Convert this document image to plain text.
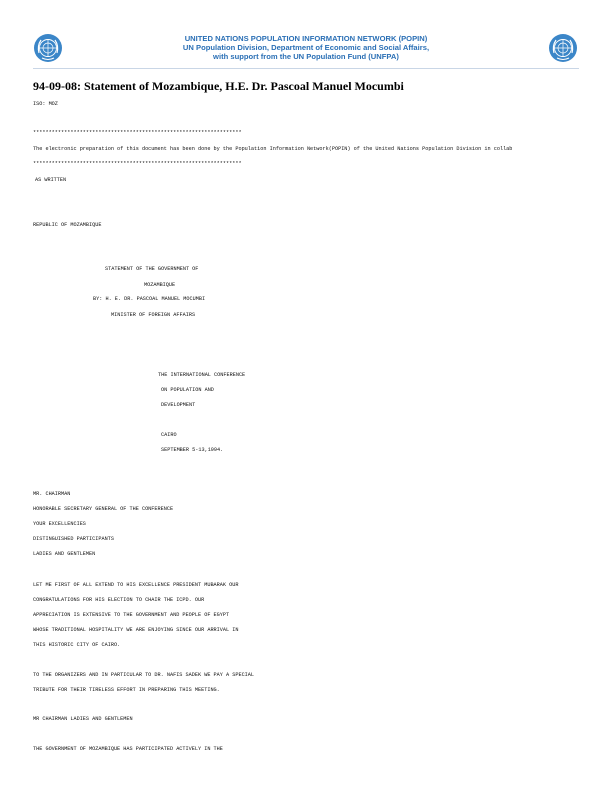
UNITED NATIONS POPULATION INFORMATION NETWORK (POPIN)
UN Population Division, Department of Economic and Social Affairs,
with support from the UN Population Fund (UNFPA)
94-09-08: Statement of Mozambique, H.E. Dr. Pascoal Manuel Mocumbi
ISO: MOZ
*******************************************************************
The electronic preparation of this document has been done by the Population Information Network(POPIN) of the United Nations Population Division in collab
*******************************************************************
AS WRITTEN
REPUBLIC OF MOZAMBIQUE
STATEMENT OF THE GOVERNMENT OF
MOZAMBIQUE
BY: H. E. DR. PASCOAL MANUEL MOCUMBI
MINISTER OF FOREIGN AFFAIRS
THE INTERNATIONAL CONFERENCE
ON POPULATION AND
DEVELOPMENT
CAIRO
SEPTEMBER 5-13,1994.
MR. CHAIRMAN
HONORABLE SECRETARY GENERAL OF THE CONFERENCE
YOUR EXCELLENCIES
DISTINGUISHED PARTICIPANTS
LADIES AND GENTLEMEN
LET ME FIRST OF ALL EXTEND TO HIS EXCELLENCE PRESIDENT MUBARAK OUR
CONGRATULATIONS FOR HIS ELECTION TO CHAIR THE ICPD. OUR
APPRECIATION IS EXTENSIVE TO THE GOVERNMENT AND PEOPLE OF EGYPT
WHOSE TRADITIONAL HOSPITALITY WE ARE ENJOYING SINCE OUR ARRIVAL IN
THIS HISTORIC CITY OF CAIRO.
TO THE ORGANIZERS AND IN PARTICULAR TO DR. NAFIS SADEK WE PAY A SPECIAL
TRIBUTE FOR THEIR TIRELESS EFFORT IN PREPARING THIS MEETING.
MR CHAIRMAN LADIES AND GENTLEMEN
THE GOVERNMENT OF MOZAMBIQUE HAS PARTICIPATED ACTIVELY IN THE
